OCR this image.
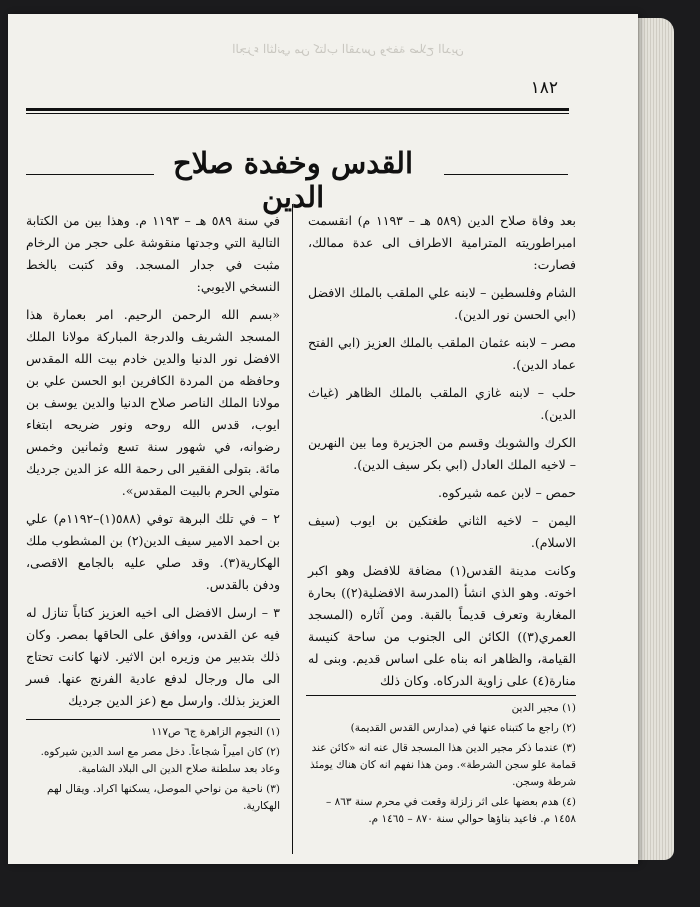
الجزء الثاني من كتاب القدس وخفة صلاح الدين
١٨٢
القدس وخفدة صلاح الدين

بعد وفاة صلاح الدين (٥٨٩ هـ – ١١٩٣ م) انقسمت امبراطوريته المترامية الاطراف الى عدة ممالك، فصارت:

الشام وفلسطين – لابنه علي الملقب بالملك الافضل (ابي الحسن نور الدين).

مصر – لابنه عثمان الملقب بالملك العزيز (ابي الفتح عماد الدين).

حلب – لابنه غازي الملقب بالملك الظاهر (غياث الدين).

الكرك والشوبك وقسم من الجزيرة وما بين النهرين – لاخيه الملك العادل (ابي بكر سيف الدين).

حمص – لابن عمه شيركوه.

اليمن – لاخيه الثاني طغتكين بن ايوب (سيف الاسلام).

وكانت مدينة القدس(١) مضافة للافضل وهو اكبر اخوته. وهو الذي انشأ (المدرسة الافضلية(٢)) بحارة المغاربة وتعرف قديماً بالقبة. ومن آثاره (المسجد العمري(٣)) الكائن الى الجنوب من ساحة كنيسة القيامة، والظاهر انه بناه على اساس قديم. وبنى له منارة(٤) على زاوية الدركاه. وكان ذلك

في سنة ٥٨٩ هـ – ١١٩٣ م. وهذا بين من الكتابة التالية التي وجدتها منقوشة على حجر من الرخام مثبت في جدار المسجد. وقد كتبت بالخط النسخي الايوبي:

«بسم الله الرحمن الرحيم. امر بعمارة هذا المسجد الشريف والدرجة المباركة مولانا الملك الافضل نور الدنيا والدين خادم بيت الله المقدس وحافظه من المردة الكافرين ابو الحسن علي بن مولانا الملك الناصر صلاح الدنيا والدين يوسف بن ايوب، قدس الله روحه ونور ضريحه ابتغاء رضوانه، في شهور سنة تسع وثمانين وخمس مائة. بتولى الفقير الى رحمة الله عز الدين جرديك متولي الحرم بالبيت المقدس».

٢ – في تلك البرهة توفي (٥٨٨(١)–١١٩٢م) علي بن احمد الامير سيف الدين(٢) بن المشطوب ملك الهكارية(٣). وقد صلي عليه بالجامع الاقصى، ودفن بالقدس.

٣ – ارسل الافضل الى اخيه العزيز كتاباً تنازل له فيه عن القدس، ووافق على الحاقها بمصر. وكان ذلك بتدبير من وزيره ابن الاثير. لانها كانت تحتاج الى مال ورجال لدفع عادية الفرنج عنها. فسر العزيز بذلك. وارسل مع (عز الدين جرديك	(١) مجير الدين
(٢) راجع ما كتبناه عنها في (مدارس القدس القديمة)
(٣) عندما ذكر مجير الدين هذا المسجد قال عنه انه «كائن عند قمامة علو سجن الشرطة». ومن هذا نفهم انه كان هناك يومئذ شرطة وسجن.
(٤) هدم بعضها على اثر زلزلة وقعت في محرم سنة ٨٦٣ – ١٤٥٨ م. فاعيد بناؤها حوالي سنة ٨٧٠ – ١٤٦٥ م.
(١) النجوم الزاهرة ج٦ ص١١٧
(٢) كان اميراً شجاعاً. دخل مصر مع اسد الدين شيركوه. وعاد بعد سلطنة صلاح الدين الى البلاد الشامية.
(٣) ناحية من نواحي الموصل، يسكنها اكراد. ويقال لهم الهكارية.
